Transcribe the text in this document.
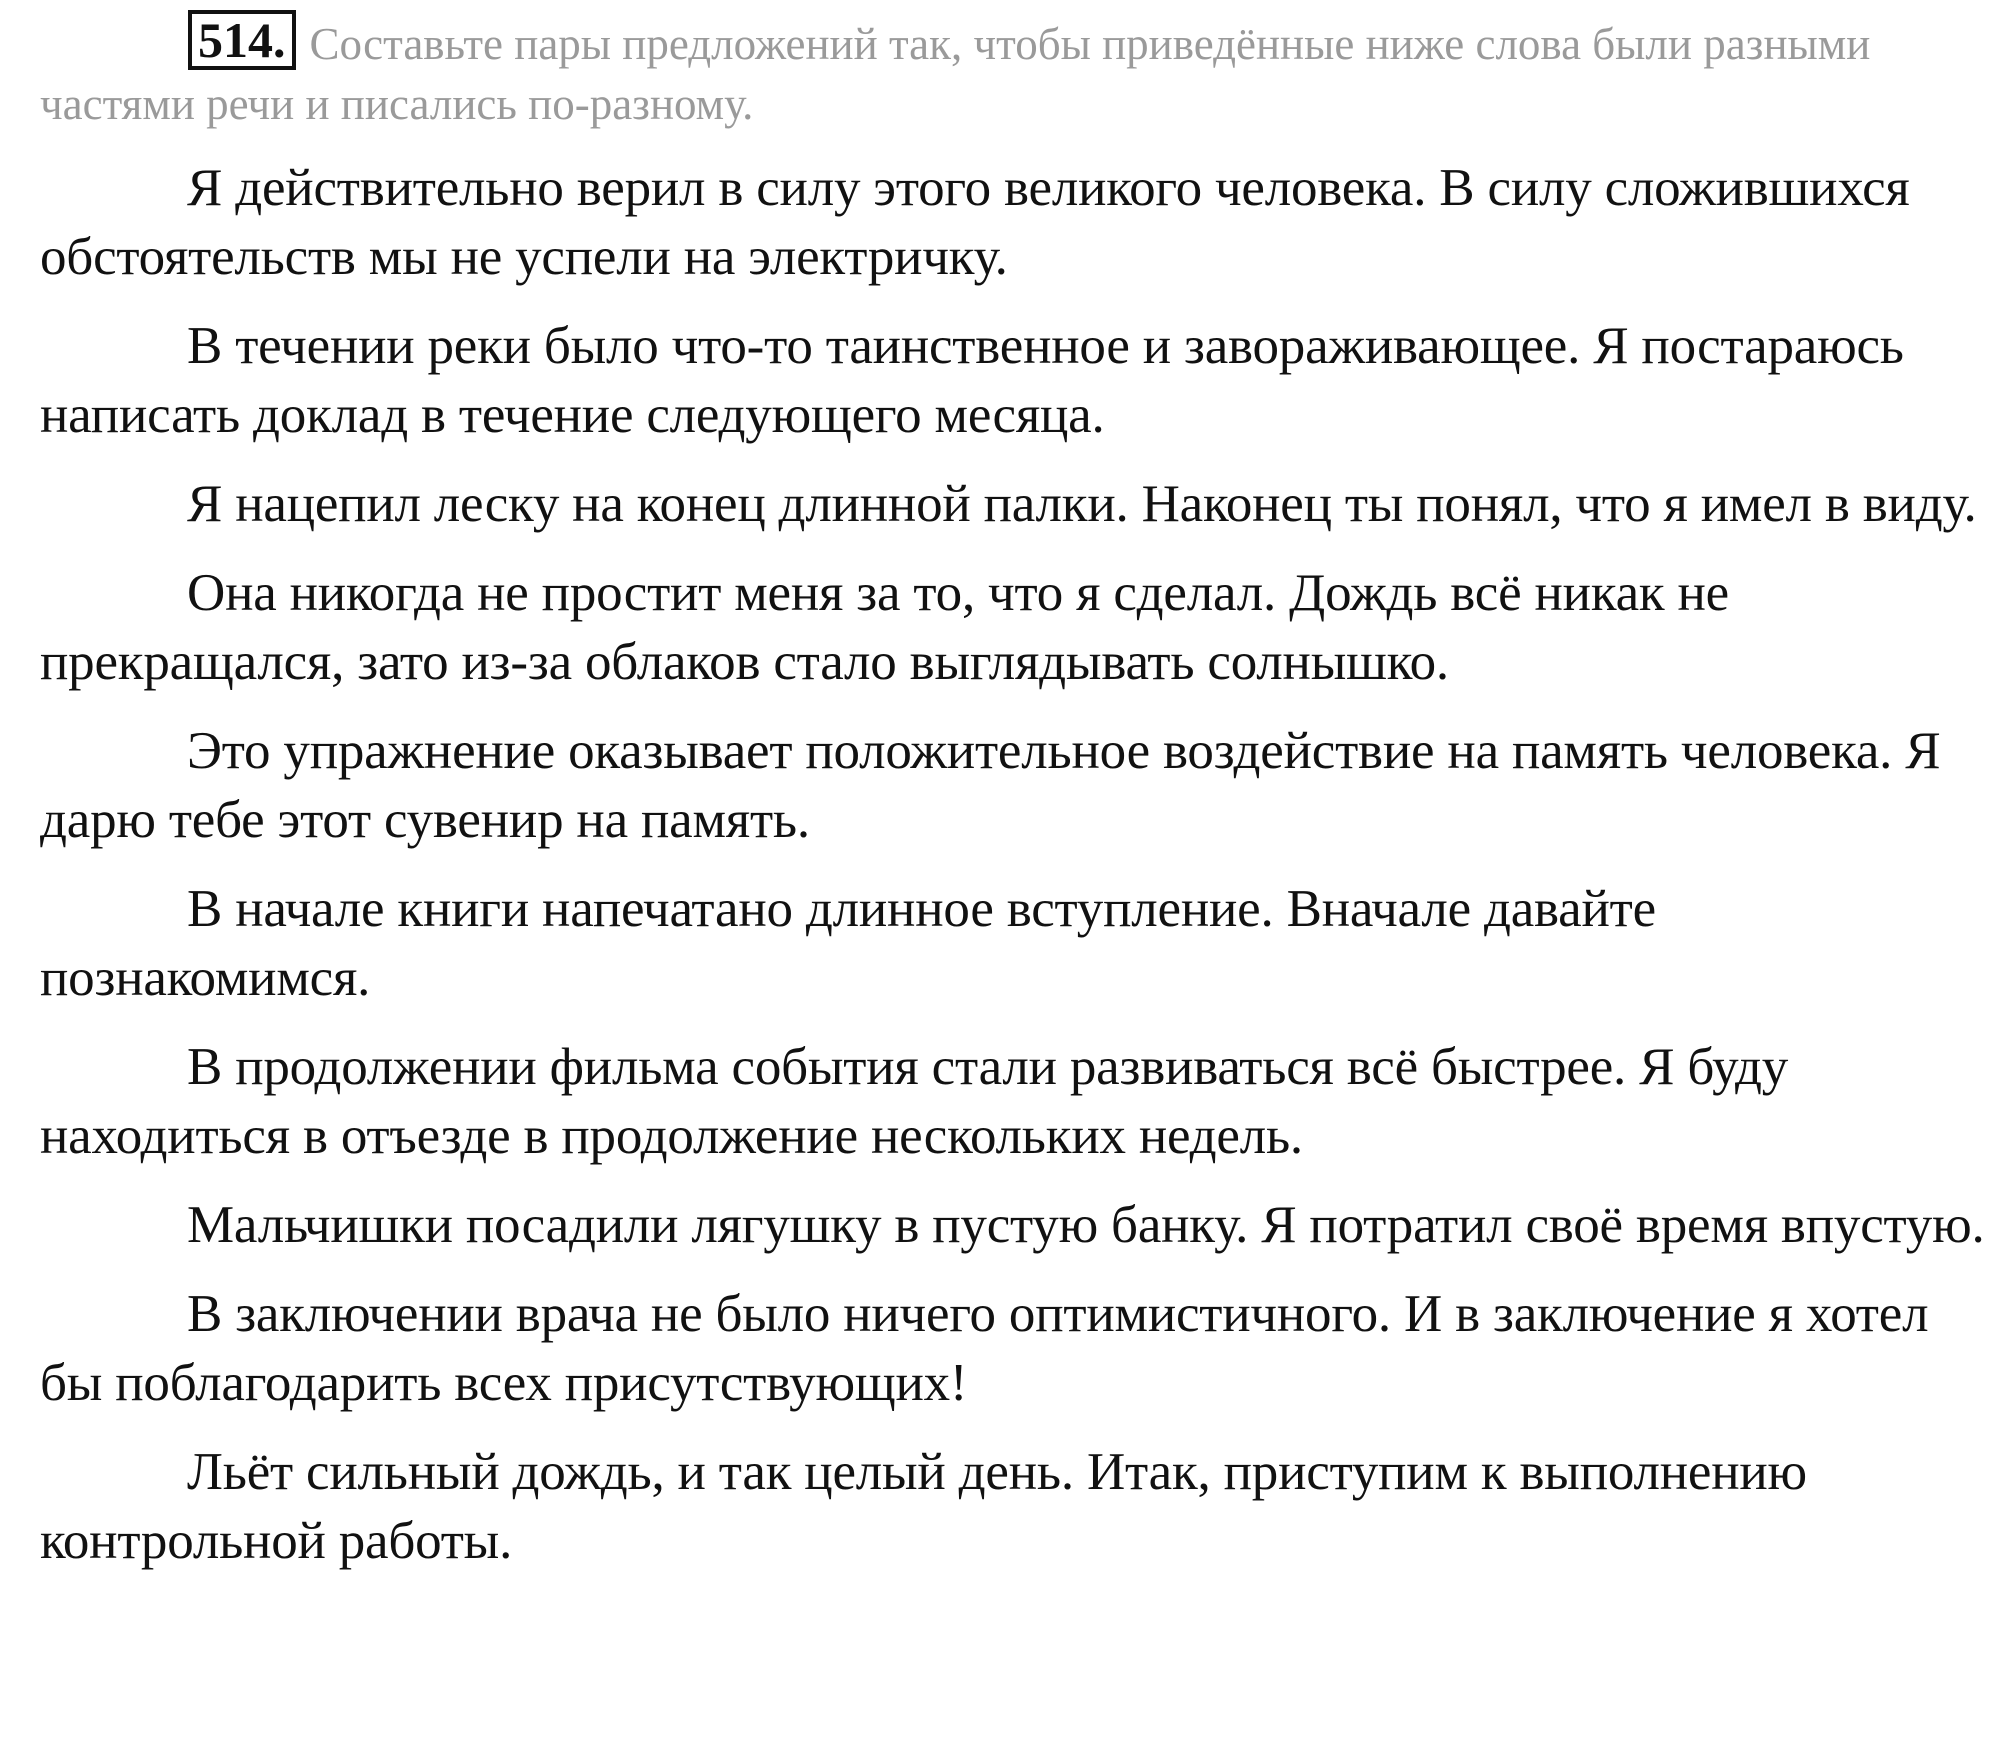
514. Составьте пары предложений так, чтобы приведённые ниже слова были разными частями речи и писались по-разному.

Я действительно верил в силу этого великого человека. В силу сложившихся обстоятельств мы не успели на электричку.

В течении реки было что-то таинственное и завораживающее. Я постараюсь написать доклад в течение следующего месяца.

Я нацепил леску на конец длинной палки. Наконец ты понял, что я имел в виду.

Она никогда не простит меня за то, что я сделал. Дождь всё никак не прекращался, зато из-за облаков стало выглядывать солнышко.

Это упражнение оказывает положительное воздействие на память человека. Я дарю тебе этот сувенир на память.

В начале книги напечатано длинное вступление. Вначале давайте познакомимся.

В продолжении фильма события стали развиваться всё быстрее. Я буду находиться в отъезде в продолжение нескольких недель.

Мальчишки посадили лягушку в пустую банку. Я потратил своё время впустую.

В заключении врача не было ничего оптимистичного. И в заключение я хотел бы поблагодарить всех присутствующих!

Льёт сильный дождь, и так целый день. Итак, приступим к выполнению контрольной работы.
